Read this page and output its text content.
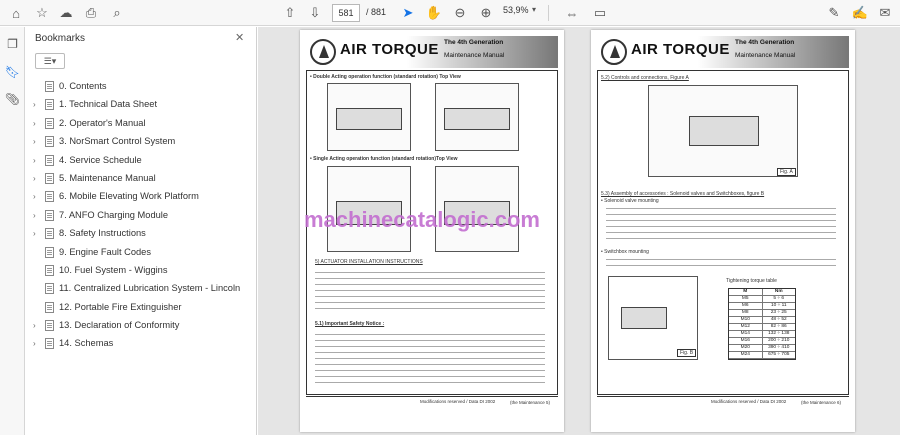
⌂	☆ ☁	⎙	⌕	⇧	⇩	581	/ 881	➤ ✋ ⊖	⊕	53,9% ▾ ⇔ ▭	✎ ✍ ✉
❐
🔖︎
📎︎
Bookmarks	✕
☰▾
0. Contents
›	1. Technical Data Sheet
›	2. Operator's Manual
›	3. NorSmart Control System
›	4. Service Schedule
›	5. Maintenance Manual
›	6. Mobile Elevating Work Platform
›	7. ANFO Charging Module
›	8. Safety Instructions
9. Engine Fault Codes
10. Fuel System - Wiggins
11. Centralized Lubrication System - Lincoln
12. Portable Fire Extinguisher
›	13. Declaration of Conformity
›	14. Schemas
AIR TORQUE The 4th Generation
Maintenance Manual
• Double Acting operation function (standard rotation) Top View
• Single Acting operation function (standard rotation)Top View
5) ACTUATOR INSTALLATION INSTRUCTIONS
5.1) Important Safety Notice :
Modifications reserved / Data DI 2002	(the Maintenance 5)
AIR TORQUE The 4th Generation
Maintenance Manual
5.2) Controls and connections, Figure A
Fig. A
5.3) Assembly of accessories : Solenoid valves and Switchboxes, figure B
• Solenoid valve mounting
• Switchbox mounting
Fig. B
Tightening torque table
M	Nm
M5	5 ÷ 6
M6	10 ÷ 11
M8	23 ÷ 25
M10	48 ÷ 52
M12	82 ÷ 86
M14	132 ÷ 138
M16	200 ÷ 210
M20	390 ÷ 410
M24	675 ÷ 705
Modifications reserved / Data DI 2002	(the Maintenance 6)
machinecatalogic.com
